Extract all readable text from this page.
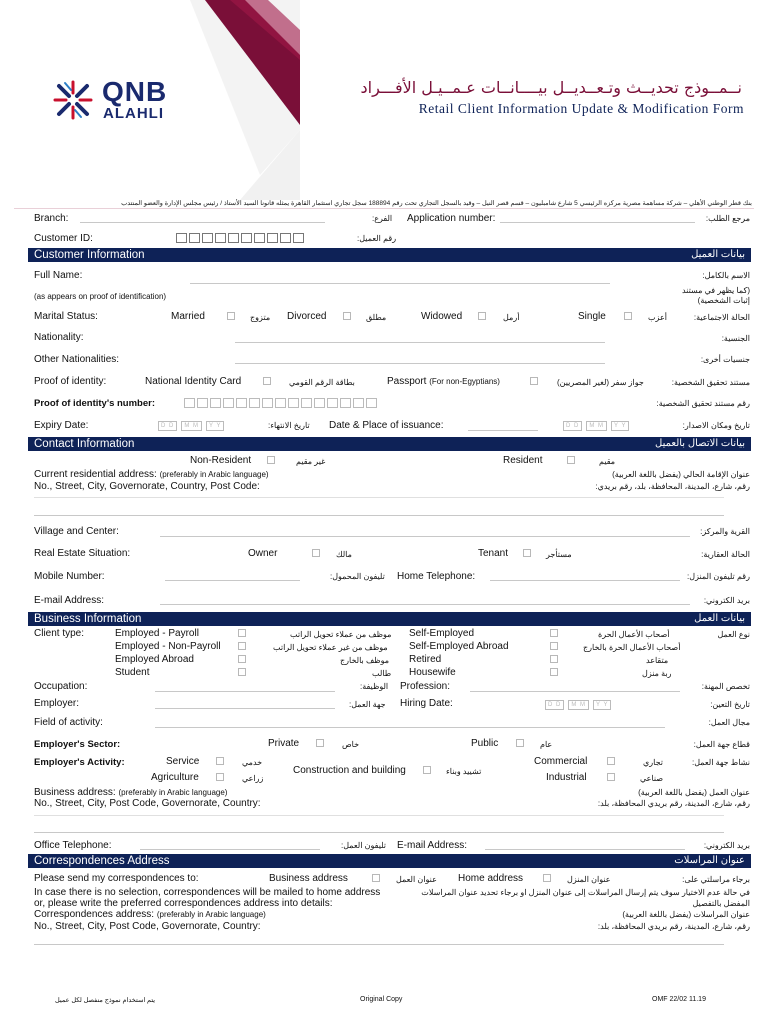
QNB
ALAHLI
نــمــوذج تحديــث وتـعــديــل بيــــانــات عـمــيـل الأفـــراد
Retail Client Information Update & Modification Form
بنك قطر الوطني الأهلي – شركة مساهمة مصرية مركزه الرئيسي 5 شارع شامبليون – قسم قصر النيل – وقيد بالسجل التجاري تحت رقم 188894 سجل تجاري استثمار القاهرة يمثله قانونا السيد الأستاذ / رئيس مجلس الإدارة والعضو المنتدب
Branch:	الفرع: Application number:	مرجع الطلب:
Customer ID:	رقم العميل:
Customer Information	بيانات العميل
Full Name:	الاسم بالكامل:
(as appears on proof of identification)
(كما يظهر في مستند إثبات الشخصية)
Marital Status:	Married	متزوج Divorced	مطلق	Widowed	أرمل	Single	أعزب	الحالة الاجتماعية:
Nationality:	الجنسية:
Other Nationalities:	جنسيات أخرى:
Proof of identity:	National Identity Card	بطاقة الرقم القومي	Passport (For non-Egyptians)	جواز سفر (لغير المصريين)	مستند تحقيق الشخصية:
Proof of identity's number:	رقم مستند تحقيق الشخصية:
Expiry Date:	D D	M M	Y Y	تاريخ الانتهاء: Date & Place of issuance:	D D	M M	Y Y	تاريخ ومكان الاصدار:
Contact Information	بيانات الاتصال بالعميل
Non-Resident	غير مقيم	Resident	مقيم
Current residential address: (preferably in Arabic language)	عنوان الإقامة الحالي (يفضل باللغة العربية)
No., Street, City, Governorate, Country, Post Code:	رقم، شارع، المدينة، المحافظة، بلد، رقم بريدي:
Village and Center:	القرية والمركز:
Real Estate Situation:	Owner	مالك	Tenant	مستأجر	الحالة العقارية:
Mobile Number:	تليفون المحمول: Home Telephone:	رقم تليفون المنزل:
E-mail Address:	بريد الكتروني:
Business Information	بيانات العمل
Client type:	نوع العمل
Employed - Payroll	موظف من عملاء تحويل الراتب
Employed - Non-Payroll	موظف من غير عملاء تحويل الراتب
Employed Abroad	موظف بالخارج
Student	طالب
Self-Employed	أصحاب الأعمال الحرة
Self-Employed Abroad	أصحاب الأعمال الحرة بالخارج
Retired	متقاعد
Housewife	ربة منزل
Occupation:	الوظيفة: Profession:	تخصص المهنة:
Employer:	جهة العمل: Hiring Date:	D D	M M	Y Y	تاريخ التعين:
Field of activity:	مجال العمل:
Employer's Sector:	Private	خاص	Public	عام	قطاع جهة العمل:
Employer's Activity:	Service	خدمي
Agriculture	زراعي
Construction and building	تشييد وبناء
Commercial	تجاري
Industrial	صناعي
نشاط جهة العمل:
Business address: (preferably in Arabic language)	عنوان العمل (يفضل باللغة العربية)
No., Street, City, Post Code, Governorate, Country:	رقم، شارع، المدينة، رقم بريدي المحافظة، بلد:
Office Telephone:	تليفون العمل: E-mail Address:	بريد الكتروني:
Correspondences Address	عنوان المراسلات
Please send my correspondences to:	Business address	عنوان العمل Home address	عنوان المنزل	برجاء مراسلتي على:
In case there is no selection, correspondences will be mailed to home address
or, please write the preferred correspondences address into details:
في حالة عدم الاختيار سوف يتم إرسال المراسلات إلى عنوان المنزل او برجاء تحديد عنوان المراسلات
المفضل بالتفصيل
Correspondences address: (preferably in Arabic language)	عنوان المراسلات (يفضل باللغة العربية)
No., Street, City, Post Code, Governorate, Country:	رقم، شارع، المدينة، رقم بريدي المحافظة، بلد:
يتم استخدام نموذج منفصل لكل عميل	Original Copy	OMF 22/02 11.19
